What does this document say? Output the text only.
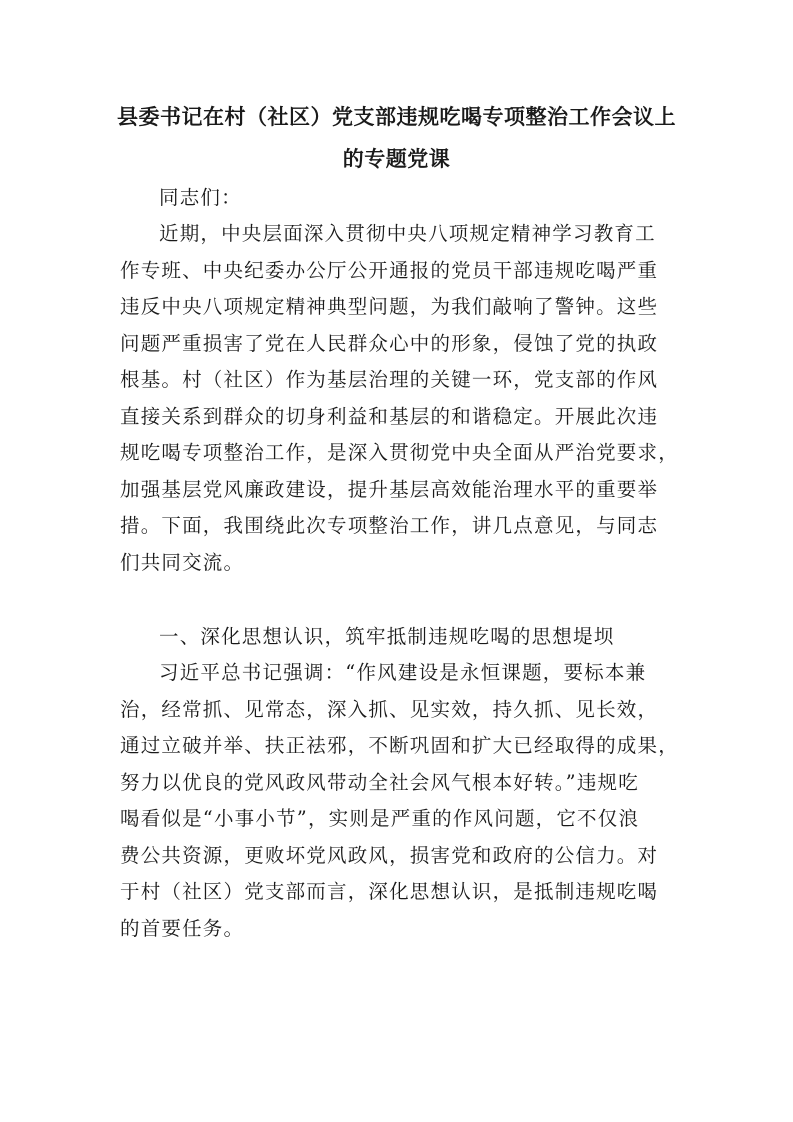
县委书记在村（社区）党支部违规吃喝专项整治工作会议上
的专题党课
同志们：
近期，中央层面深入贯彻中央八项规定精神学习教育工
作专班、中央纪委办公厅公开通报的党员干部违规吃喝严重
违反中央八项规定精神典型问题，为我们敲响了警钟。这些
问题严重损害了党在人民群众心中的形象，侵蚀了党的执政
根基。村（社区）作为基层治理的关键一环，党支部的作风
直接关系到群众的切身利益和基层的和谐稳定。开展此次违
规吃喝专项整治工作，是深入贯彻党中央全面从严治党要求，
加强基层党风廉政建设，提升基层高效能治理水平的重要举
措。下面，我围绕此次专项整治工作，讲几点意见，与同志
们共同交流。
一、深化思想认识，筑牢抵制违规吃喝的思想堤坝
习近平总书记强调：“作风建设是永恒课题，要标本兼
治，经常抓、见常态，深入抓、见实效，持久抓、见长效，
通过立破并举、扶正祛邪，不断巩固和扩大已经取得的成果，
努力以优良的党风政风带动全社会风气根本好转。”违规吃
喝看似是“小事小节”，实则是严重的作风问题，它不仅浪
费公共资源，更败坏党风政风，损害党和政府的公信力。对
于村（社区）党支部而言，深化思想认识，是抵制违规吃喝
的首要任务。
